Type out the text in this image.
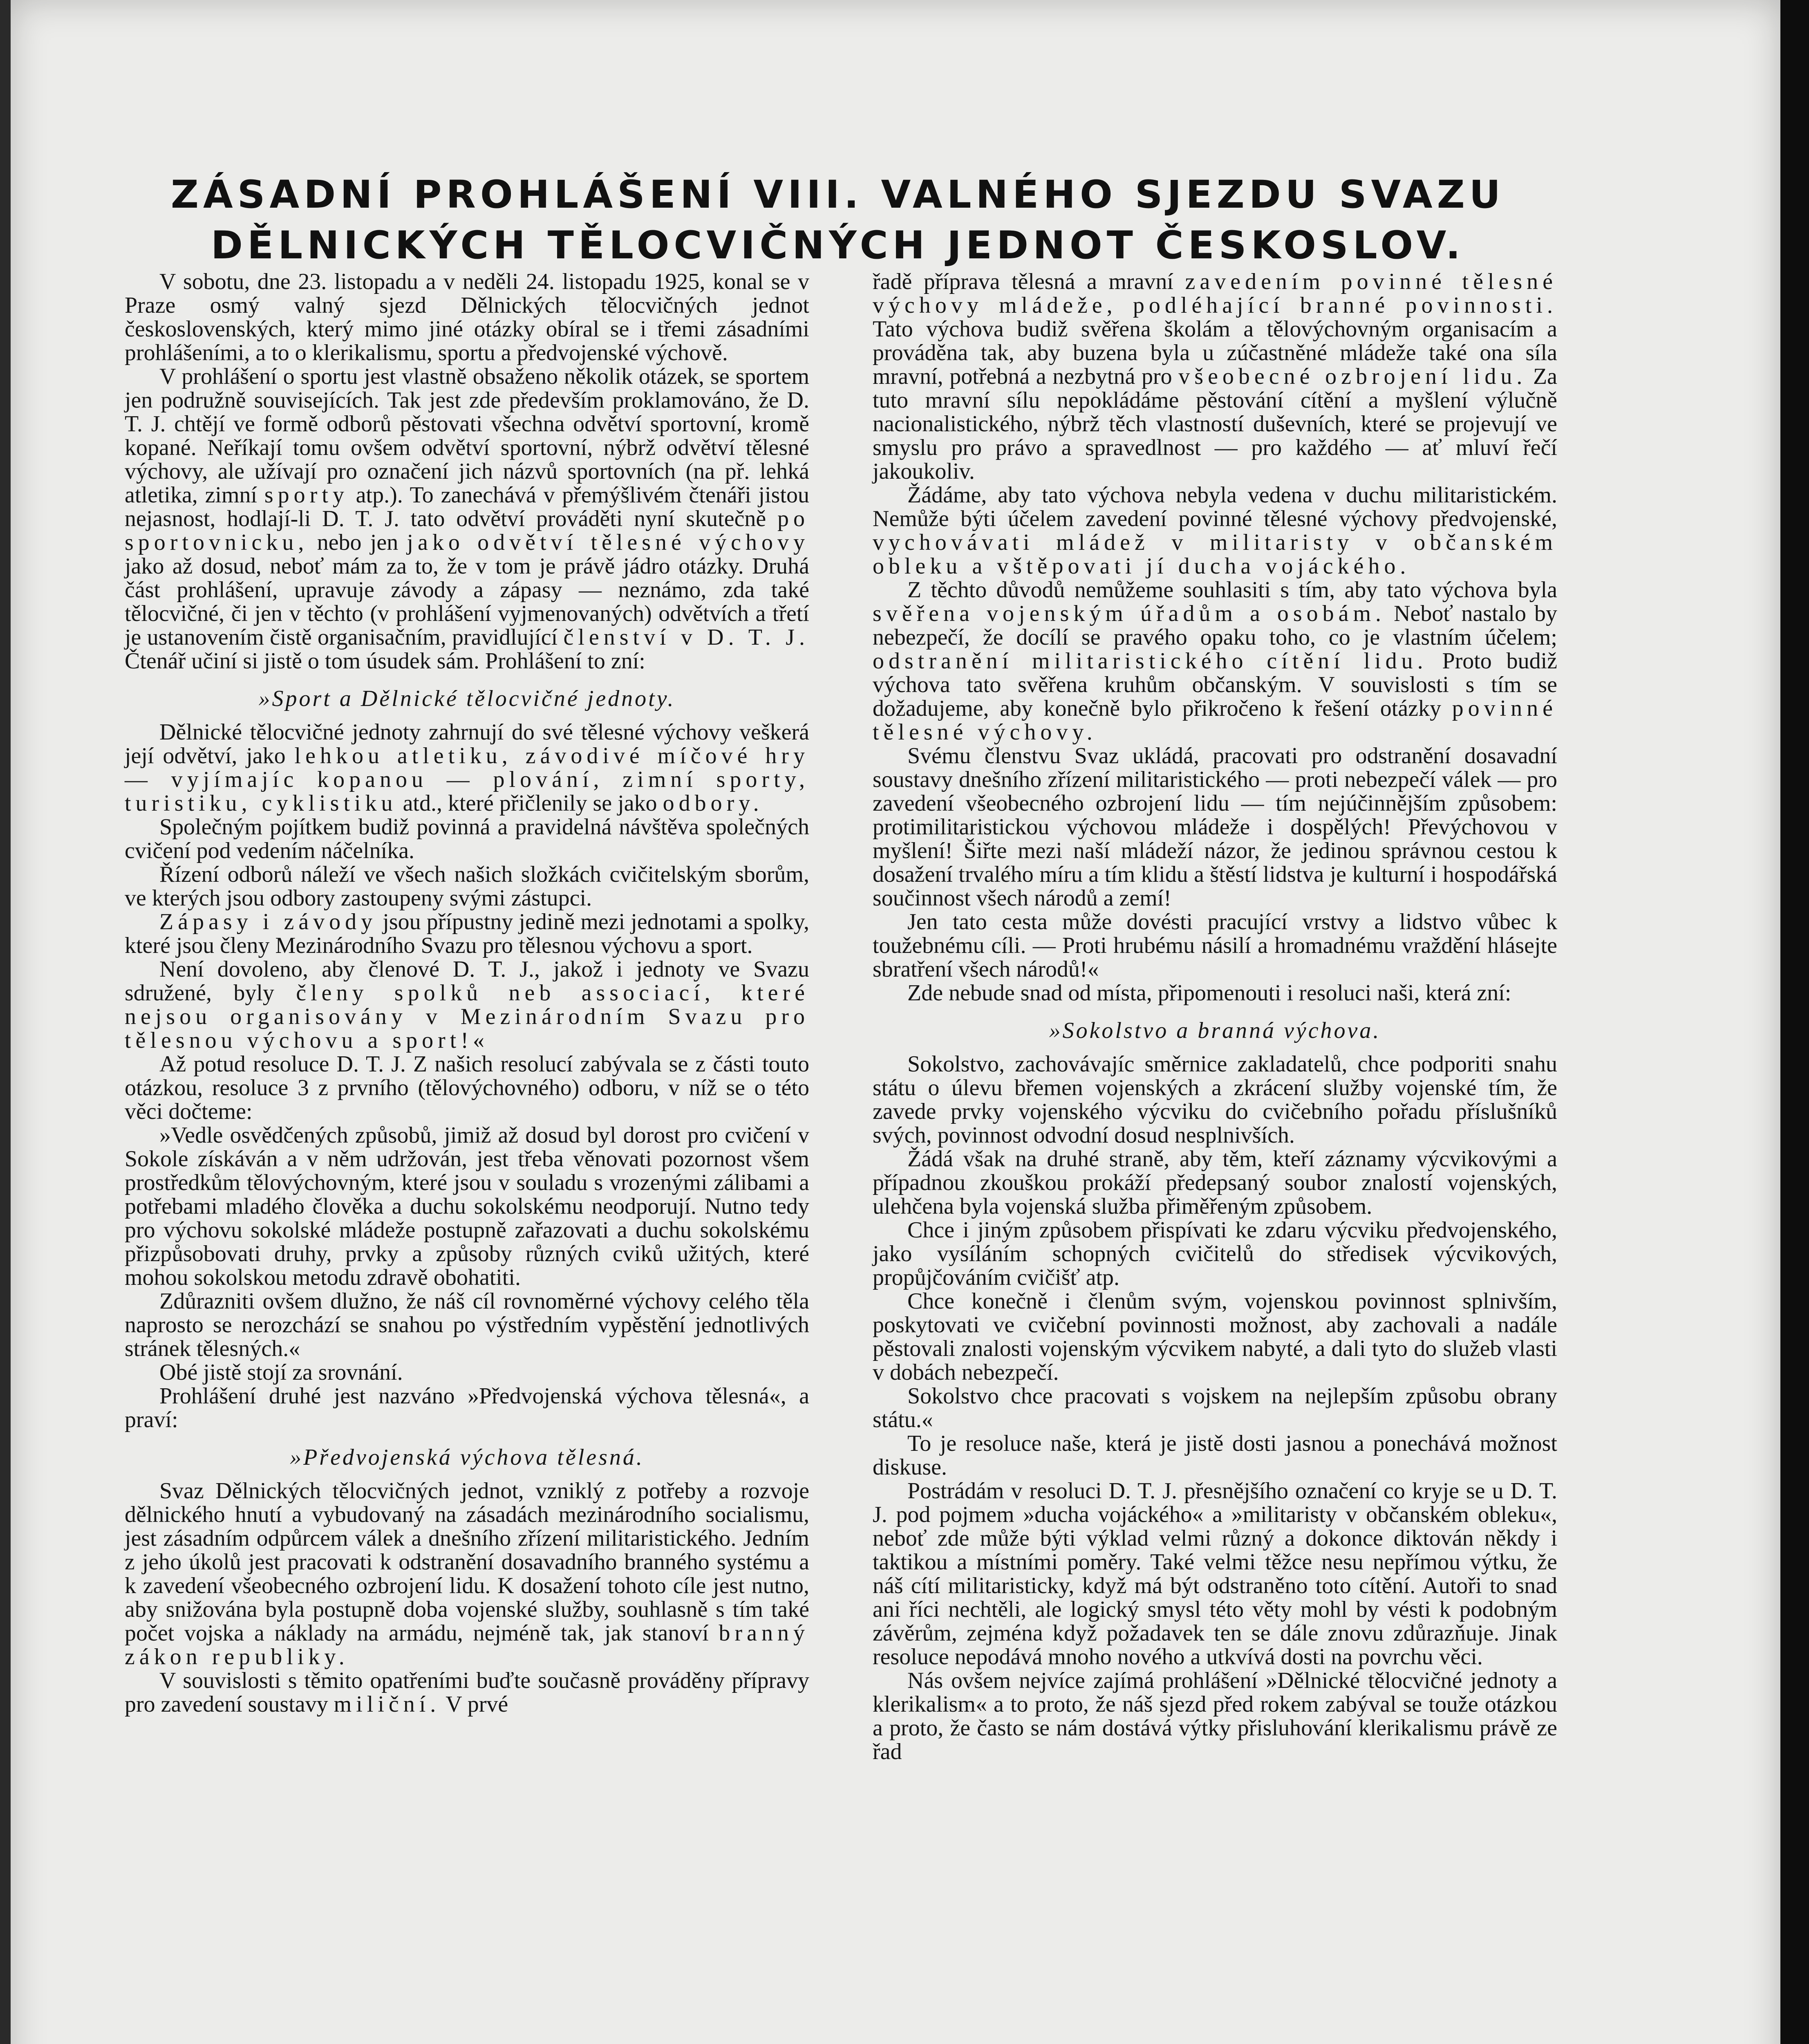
ZÁSADNÍ PROHLÁŠENÍ VIII. VALNÉHO SJEZDU SVAZU
DĚLNICKÝCH TĚLOCVIČNÝCH JEDNOT ČESKOSLOV.

V sobotu, dne 23. listopadu a v neděli 24. listopadu 1925, konal se v Praze osmý valný sjezd Dělnických tělocvičných jednot československých, který mimo jiné otázky obíral se i třemi zásadními prohlášeními, a to o klerikalismu, sportu a předvojenské výchově.

V prohlášení o sportu jest vlastně obsaženo několik otázek, se sportem jen podružně souvisejících. Tak jest zde především proklamováno, že D. T. J. chtějí ve formě odborů pěstovati všechna odvětví sportovní, kromě kopané. Neříkají tomu ovšem odvětví sportovní, nýbrž odvětví tělesné výchovy, ale užívají pro označení jich názvů sportovních (na př. lehká atletika, zimní sporty atp.). To zanechává v přemýšlivém čtenáři jistou nejasnost, hodlají-li D. T. J. tato odvětví prováděti nyní skutečně po sportovnicku, nebo jen jako odvětví tělesné výchovy jako až dosud, neboť mám za to, že v tom je právě jádro otázky. Druhá část prohlášení, upravuje závody a zápasy — neznámo, zda také tělocvičné, či jen v těchto (v prohlášení vyjmenovaných) odvětvích a třetí je ustanovením čistě organisačním, pravidlující členství v D. T. J. Čtenář učiní si jistě o tom úsudek sám. Prohlášení to zní:

»Sport a Dělnické tělocvičné jednoty.

Dělnické tělocvičné jednoty zahrnují do své tělesné výchovy veškerá její odvětví, jako lehkou atletiku, závodivé míčové hry — vyjímajíc kopanou — plování, zimní sporty, turistiku, cyklistiku atd., které přičlenily se jako odbory.

Společným pojítkem budiž povinná a pravidelná návštěva společných cvičení pod vedením náčelníka.

Řízení odborů náleží ve všech našich složkách cvičitelským sborům, ve kterých jsou odbory zastoupeny svými zástupci.

Zápasy i závody jsou přípustny jedině mezi jednotami a spolky, které jsou členy Mezinárodního Svazu pro tělesnou výchovu a sport.

Není dovoleno, aby členové D. T. J., jakož i jednoty ve Svazu sdružené, byly členy spolků neb associací, které nejsou organisovány v Mezinárodním Svazu pro tělesnou výchovu a sport!«

Až potud resoluce D. T. J. Z našich resolucí zabývala se z části touto otázkou, resoluce 3 z prvního (tělovýchovného) odboru, v níž se o této věci dočteme:

»Vedle osvědčených způsobů, jimiž až dosud byl dorost pro cvičení v Sokole získáván a v něm udržován, jest třeba věnovati pozornost všem prostředkům tělovýchovným, které jsou v souladu s vrozenými zálibami a potřebami mladého člověka a duchu sokolskému neodporují. Nutno tedy pro výchovu sokolské mládeže postupně zařazovati a duchu sokolskému přizpůsobovati druhy, prvky a způsoby různých cviků užitých, které mohou sokolskou metodu zdravě obohatiti.

Zdůrazniti ovšem dlužno, že náš cíl rovnoměrné výchovy celého těla naprosto se nerozchází se snahou po výstředním vypěstění jednotlivých stránek tělesných.«

Obé jistě stojí za srovnání.

Prohlášení druhé jest nazváno »Předvojenská výchova tělesná«, a praví:

»Předvojenská výchova tělesná.

Svaz Dělnických tělocvičných jednot, vzniklý z potřeby a rozvoje dělnického hnutí a vybudovaný na zásadách mezinárodního socialismu, jest zásadním odpůrcem válek a dnešního zřízení militaristického. Jedním z jeho úkolů jest pracovati k odstranění dosavadního branného systému a k zavedení všeobecného ozbrojení lidu. K dosažení tohoto cíle jest nutno, aby snižována byla postupně doba vojenské služby, souhlasně s tím také počet vojska a náklady na armádu, nejméně tak, jak stanoví branný zákon republiky.

V souvislosti s těmito opatřeními buďte současně prováděny přípravy pro zavedení soustavy miliční. V prvé

řadě příprava tělesná a mravní zavedením povinné tělesné výchovy mládeže, podléhající branné povinnosti. Tato výchova budiž svěřena školám a tělovýchovným organisacím a prováděna tak, aby buzena byla u zúčastněné mládeže také ona síla mravní, potřebná a nezbytná pro všeobecné ozbrojení lidu. Za tuto mravní sílu nepokládáme pěstování cítění a myšlení výlučně nacionalistického, nýbrž těch vlastností duševních, které se projevují ve smyslu pro právo a spravedlnost — pro každého — ať mluví řečí jakoukoliv.

Žádáme, aby tato výchova nebyla vedena v duchu militaristickém. Nemůže býti účelem zavedení povinné tělesné výchovy předvojenské, vychovávati mládež v militaristy v občanském obleku a vštěpovati jí ducha vojáckého.

Z těchto důvodů nemůžeme souhlasiti s tím, aby tato výchova byla svěřena vojenským úřadům a osobám. Neboť nastalo by nebezpečí, že docílí se pravého opaku toho, co je vlastním účelem; odstranění militaristického cítění lidu. Proto budiž výchova tato svěřena kruhům občanským. V souvislosti s tím se dožadujeme, aby konečně bylo přikročeno k řešení otázky povinné tělesné výchovy.

Svému členstvu Svaz ukládá, pracovati pro odstranění dosavadní soustavy dnešního zřízení militaristického — proti nebezpečí válek — pro zavedení všeobecného ozbrojení lidu — tím nejúčinnějším způsobem: protimilitaristickou výchovou mládeže i dospělých! Převýchovou v myšlení! Šiřte mezi naší mládeží názor, že jedinou správnou cestou k dosažení trvalého míru a tím klidu a štěstí lidstva je kulturní i hospodářská součinnost všech národů a zemí!

Jen tato cesta může dovésti pracující vrstvy a lidstvo vůbec k toužebnému cíli. — Proti hrubému násilí a hromadnému vraždění hlásejte sbratření všech národů!«

Zde nebude snad od místa, připomenouti i resoluci naši, která zní:

»Sokolstvo a branná výchova.

Sokolstvo, zachovávajíc směrnice zakladatelů, chce podporiti snahu státu o úlevu břemen vojenských a zkrácení služby vojenské tím, že zavede prvky vojenského výcviku do cvičebního pořadu příslušníků svých, povinnost odvodní dosud nesplnivších.

Žádá však na druhé straně, aby těm, kteří záznamy výcvikovými a případnou zkouškou prokáží předepsaný soubor znalostí vojenských, ulehčena byla vojenská služba přiměřeným způsobem.

Chce i jiným způsobem přispívati ke zdaru výcviku předvojenského, jako vysíláním schopných cvičitelů do středisek výcvikových, propůjčováním cvičišť atp.

Chce konečně i členům svým, vojenskou povinnost splnivším, poskytovati ve cvičební povinnosti možnost, aby zachovali a nadále pěstovali znalosti vojenským výcvikem nabyté, a dali tyto do služeb vlasti v dobách nebezpečí.

Sokolstvo chce pracovati s vojskem na nejlepším způsobu obrany státu.«

To je resoluce naše, která je jistě dosti jasnou a ponechává možnost diskuse.

Postrádám v resoluci D. T. J. přesnějšího označení co kryje se u D. T. J. pod pojmem »ducha vojáckého« a »militaristy v občanském obleku«, neboť zde může býti výklad velmi různý a dokonce diktován někdy i taktikou a místními poměry. Také velmi těžce nesu nepřímou výtku, že náš cítí militaristicky, když má být odstraněno toto cítění. Autoři to snad ani říci nechtěli, ale logický smysl této věty mohl by vésti k podobným závěrům, zejména když požadavek ten se dále znovu zdůrazňuje. Jinak resoluce nepodává mnoho nového a utkvívá dosti na povrchu věci.

Nás ovšem nejvíce zajímá prohlášení »Dělnické tělocvičné jednoty a klerikalism« a to proto, že náš sjezd před rokem zabýval se touže otázkou a proto, že často se nám dostává výtky přisluhování klerikalismu právě ze řad
